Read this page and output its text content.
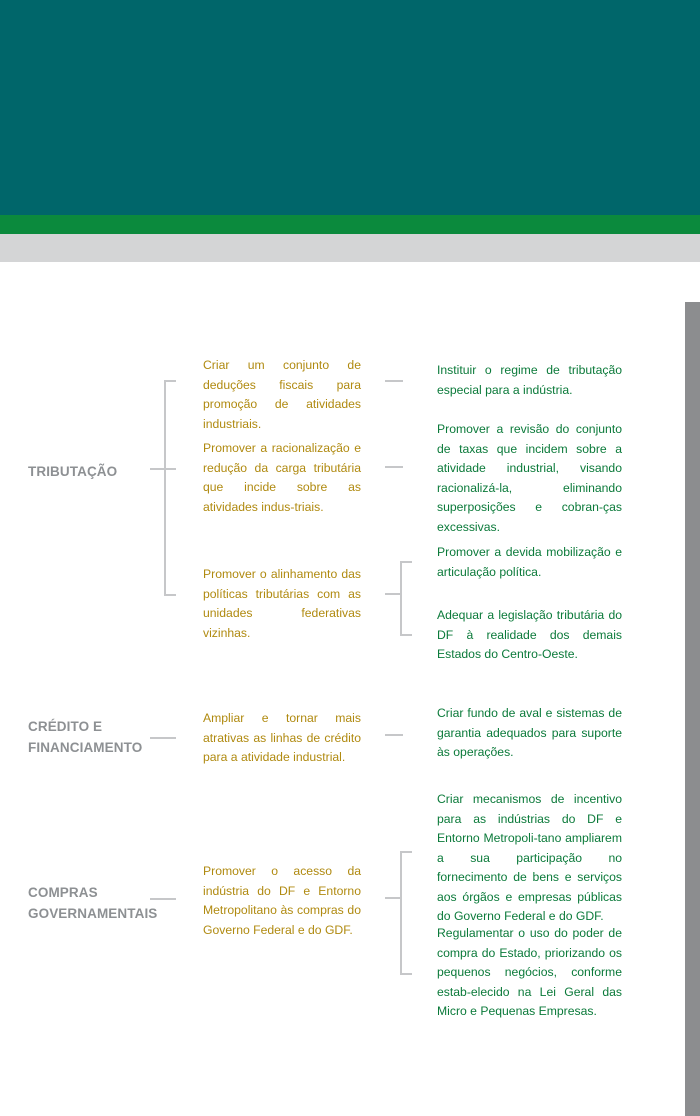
TRIBUTAÇÃO
CRÉDITO E
FINANCIAMENTO
COMPRAS
GOVERNAMENTAIS
Criar um conjunto de deduções fiscais para promoção de atividades industriais.
Promover a racionalização e redução da carga tributária que incide sobre as atividades indus-triais.
Promover o alinhamento das políticas tributárias com as unidades federativas vizinhas.
Ampliar e tornar mais atrativas as linhas de crédito para a atividade industrial.
Promover o acesso da indústria do DF e Entorno Metropolitano às compras do Governo Federal e do GDF.
Instituir o regime de tributação especial para a indústria.
Promover a revisão do conjunto de taxas que incidem sobre a atividade industrial, visando racionalizá-la, eliminando superposições e cobran-ças excessivas.
Promover a devida mobilização e articulação política.
Adequar a legislação tributária do DF à realidade dos demais Estados do Centro-Oeste.
Criar fundo de aval e sistemas de garantia adequados para suporte às operações.
Criar mecanismos de incentivo para as indústrias do DF e Entorno Metropoli-tano ampliarem a sua participação no fornecimento de bens e serviços aos órgãos e empresas públicas do Governo Federal e do GDF.
Regulamentar o uso do poder de compra do Estado, priorizando os pequenos negócios, conforme estab-elecido na Lei Geral das Micro e Pequenas Empresas.
